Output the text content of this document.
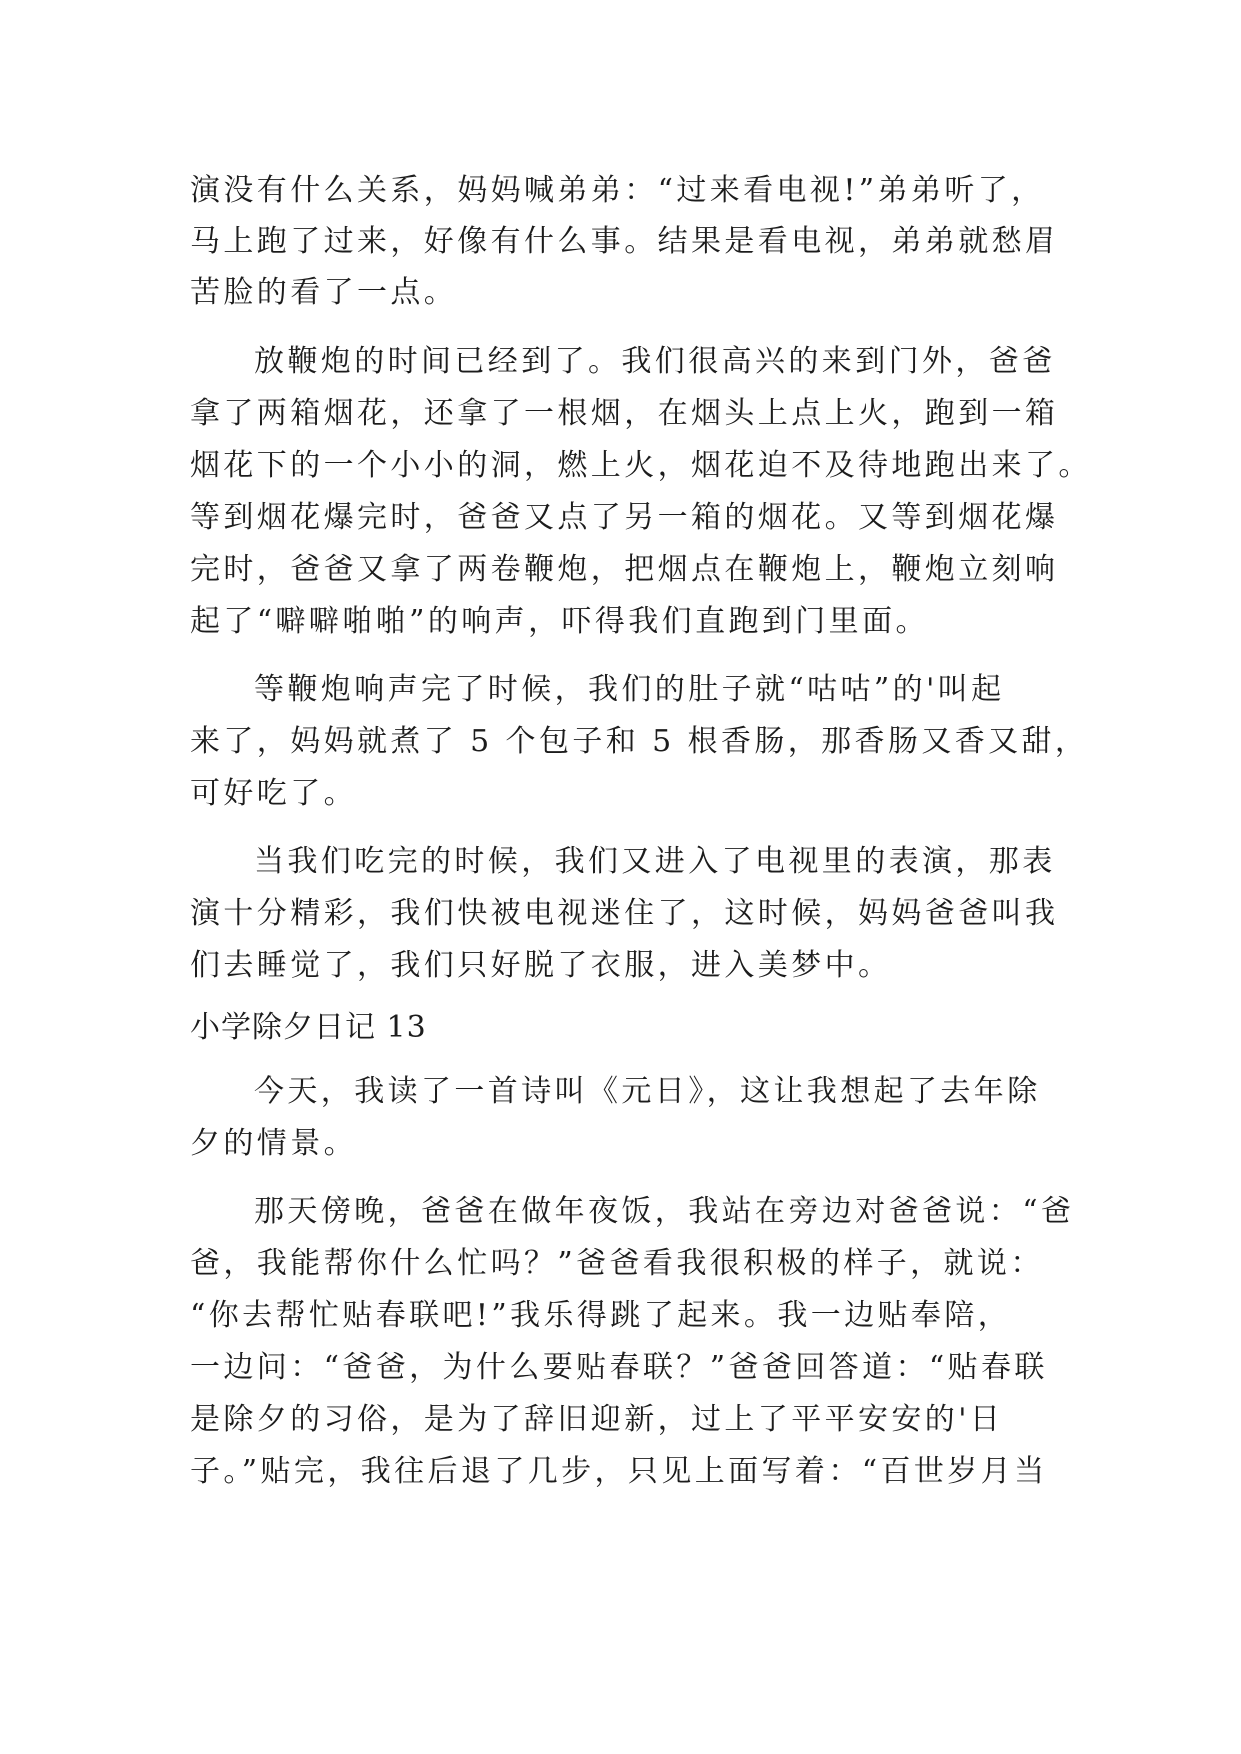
演没有什么关系，妈妈喊弟弟：“过来看电视!”弟弟听了，
马上跑了过来，好像有什么事。结果是看电视，弟弟就愁眉
苦脸的看了一点。
放鞭炮的时间已经到了。我们很高兴的来到门外，爸爸
拿了两箱烟花，还拿了一根烟，在烟头上点上火，跑到一箱
烟花下的一个小小的洞，燃上火，烟花迫不及待地跑出来了。
等到烟花爆完时，爸爸又点了另一箱的烟花。又等到烟花爆
完时，爸爸又拿了两卷鞭炮，把烟点在鞭炮上，鞭炮立刻响
起了“噼噼啪啪”的响声，吓得我们直跑到门里面。
等鞭炮响声完了时候，我们的肚子就“咕咕”的'叫起
来了，妈妈就煮了 5 个包子和 5 根香肠，那香肠又香又甜，
可好吃了。
当我们吃完的时候，我们又进入了电视里的表演，那表
演十分精彩，我们快被电视迷住了，这时候，妈妈爸爸叫我
们去睡觉了，我们只好脱了衣服，进入美梦中。
小学除夕日记 13
今天，我读了一首诗叫《元日》，这让我想起了去年除
夕的情景。
那天傍晚，爸爸在做年夜饭，我站在旁边对爸爸说：“爸
爸，我能帮你什么忙吗？”爸爸看我很积极的样子，就说：
“你去帮忙贴春联吧!”我乐得跳了起来。我一边贴奉陪，
一边问：“爸爸，为什么要贴春联？”爸爸回答道：“贴春联
是除夕的习俗，是为了辞旧迎新，过上了平平安安的'日
子。”贴完，我往后退了几步，只见上面写着：“百世岁月当
